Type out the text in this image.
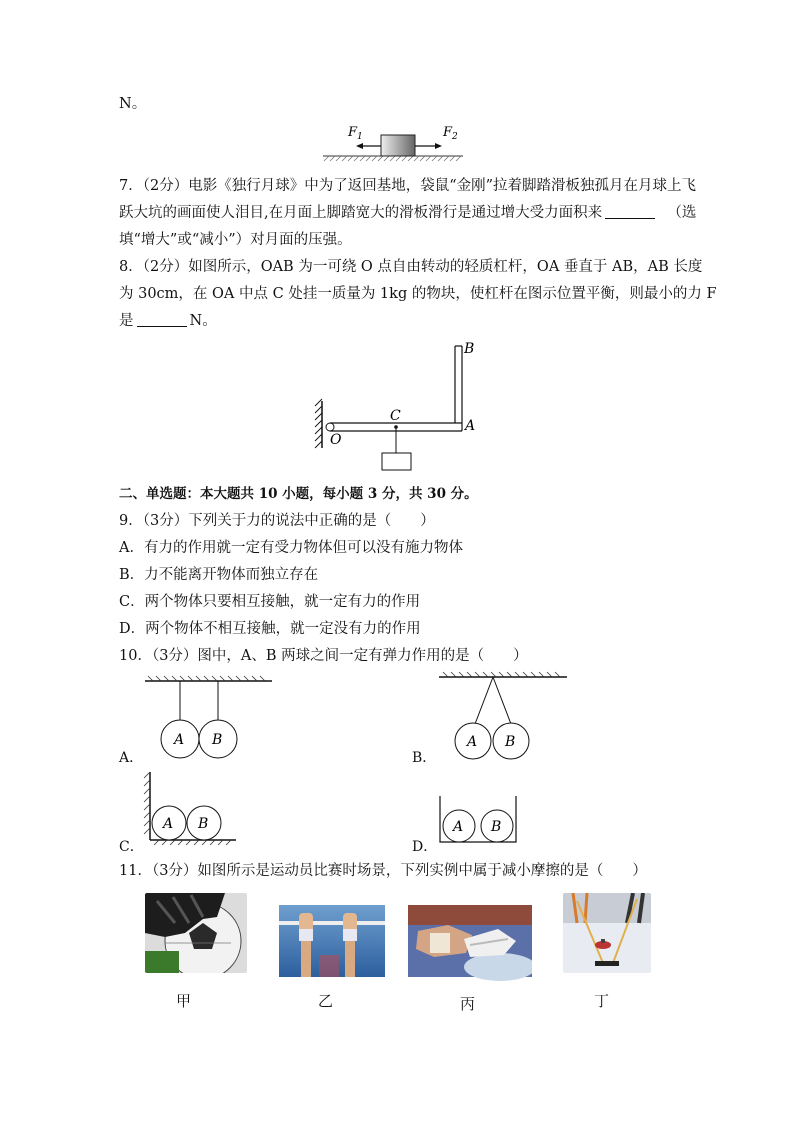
N。
$F_1$	$F_2$
7．（2分）电影《独行月球》中为了返回基地，袋鼠“金刚”拉着脚踏滑板独孤月在月球上飞
跃大坑的画面使人泪目,在月面上脚踏宽大的滑板滑行是通过增大受力面积来	（选
填“增大”或“减小”）对月面的压强。
8．（2分）如图所示，OAB 为一可绕 O 点自由转动的轻质杠杆，OA 垂直于 AB，AB 长度
为 30cm，在 OA 中点 C 处挂一质量为 1kg 的物块，使杠杆在图示位置平衡，则最小的力 F
是	N。
B
C
A
O
二、单选题：本大题共 10 小题，每小题 3 分，共 30 分。
9．（3分）下列关于力的说法中正确的是（　　）
A．有力的作用就一定有受力物体但可以没有施力物体
B．力不能离开物体而独立存在
C．两个物体只要相互接触，就一定有力的作用
D．两个物体不相互接触，就一定没有力的作用
10．（3分）图中，A、B 两球之间一定有弹力作用的是（　　）
A B
A．
A B
B．
A B
C．
A B
D．
11．（3分）如图所示是运动员比赛时场景，下列实例中属于减小摩擦的是（　　）
甲	乙	丙	丁
